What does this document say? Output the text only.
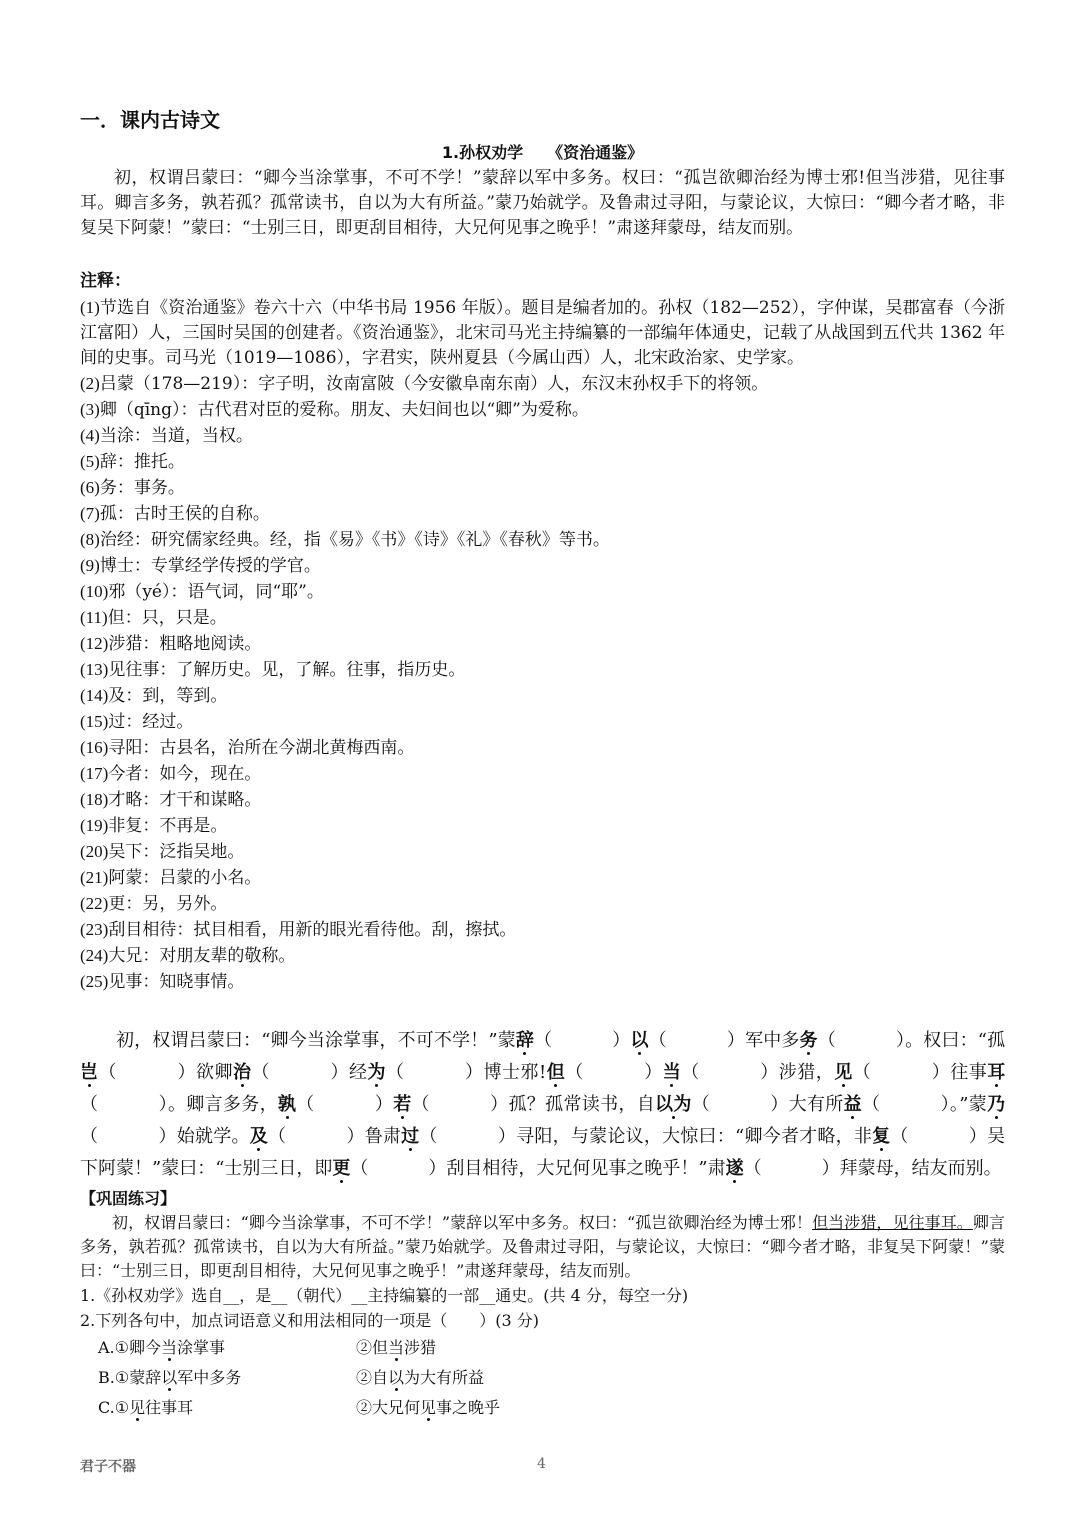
一．课内古诗文

1.孙权劝学 《资治通鉴》

初，权谓吕蒙曰：“卿今当涂掌事，不可不学！”蒙辞以军中多务。权曰：“孤岂欲卿治经为博士邪!但当涉猎，见往事耳。卿言多务，孰若孤？孤常读书，自以为大有所益。”蒙乃始就学。及鲁肃过寻阳，与蒙论议，大惊曰：“卿今者才略，非复吴下阿蒙！”蒙曰：“士别三日，即更刮目相待，大兄何见事之晚乎！”肃遂拜蒙母，结友而别。

注释：

(1)节选自《资治通鉴》卷六十六（中华书局 1956 年版）。题目是编者加的。孙权（182—252），字仲谋，吴郡富春（今浙江富阳）人，三国时吴国的创建者。《资治通鉴》，北宋司马光主持编纂的一部编年体通史，记载了从战国到五代共 1362 年间的史事。司马光（1019—1086），字君实，陕州夏县（今属山西）人，北宋政治家、史学家。

(2)吕蒙（178—219）：字子明，汝南富陂（今安徽阜南东南）人，东汉末孙权手下的将领。

(3)卿（qīng）：古代君对臣的爱称。朋友、夫妇间也以“卿”为爱称。

(4)当涂：当道，当权。

(5)辞：推托。

(6)务：事务。

(7)孤：古时王侯的自称。

(8)治经：研究儒家经典。经，指《易》《书》《诗》《礼》《春秋》等书。

(9)博士：专掌经学传授的学官。

(10)邪（yé）：语气词，同“耶”。

(11)但：只，只是。

(12)涉猎：粗略地阅读。

(13)见往事：了解历史。见，了解。往事，指历史。

(14)及：到，等到。

(15)过：经过。

(16)寻阳：古县名，治所在今湖北黄梅西南。

(17)今者：如今，现在。

(18)才略：才干和谋略。

(19)非复：不再是。

(20)吴下：泛指吴地。

(21)阿蒙：吕蒙的小名。

(22)更：另，另外。

(23)刮目相待：拭目相看，用新的眼光看待他。刮，擦拭。

(24)大兄：对朋友辈的敬称。

(25)见事：知晓事情。

初，权谓吕蒙曰：“卿今当涂掌事，不可不学！”蒙辞（	）以（	）军中多务（	）。权曰：“孤岂（	）欲卿治（	）经为（	）博士邪!但（	）当（	）涉猎，见（	）往事耳（	）。卿言多务，孰（	）若（	）孤？孤常读书，自以为（	）大有所益（	）。”蒙乃（	）始就学。及（	）鲁肃过（	）寻阳，与蒙论议，大惊曰：“卿今者才略，非复（	）吴下阿蒙！”蒙曰：“士别三日，即更（	）刮目相待，大兄何见事之晚乎！”肃遂（	）拜蒙母，结友而别。

【巩固练习】

初，权谓吕蒙曰：“卿今当涂掌事，不可不学！”蒙辞以军中多务。权曰：“孤岂欲卿治经为博士邪！但当涉猎，见往事耳。卿言多务，孰若孤？孤常读书，自以为大有所益。”蒙乃始就学。及鲁肃过寻阳，与蒙论议，大惊曰：“卿今者才略，非复吴下阿蒙！”蒙曰：“士别三日，即更刮目相待，大兄何见事之晚乎！”肃遂拜蒙母，结友而别。

1.《孙权劝学》选自__，是__（朝代）__主持编纂的一部__通史。(共 4 分，每空一分)

2.下列各句中，加点词语意义和用法相同的一项是（　　）(3 分)

A.①卿今当涂掌事	②但当涉猎

B.①蒙辞以军中多务	②自以为大有所益

C.①见往事耳	②大兄何见事之晚乎

君子不器	4
